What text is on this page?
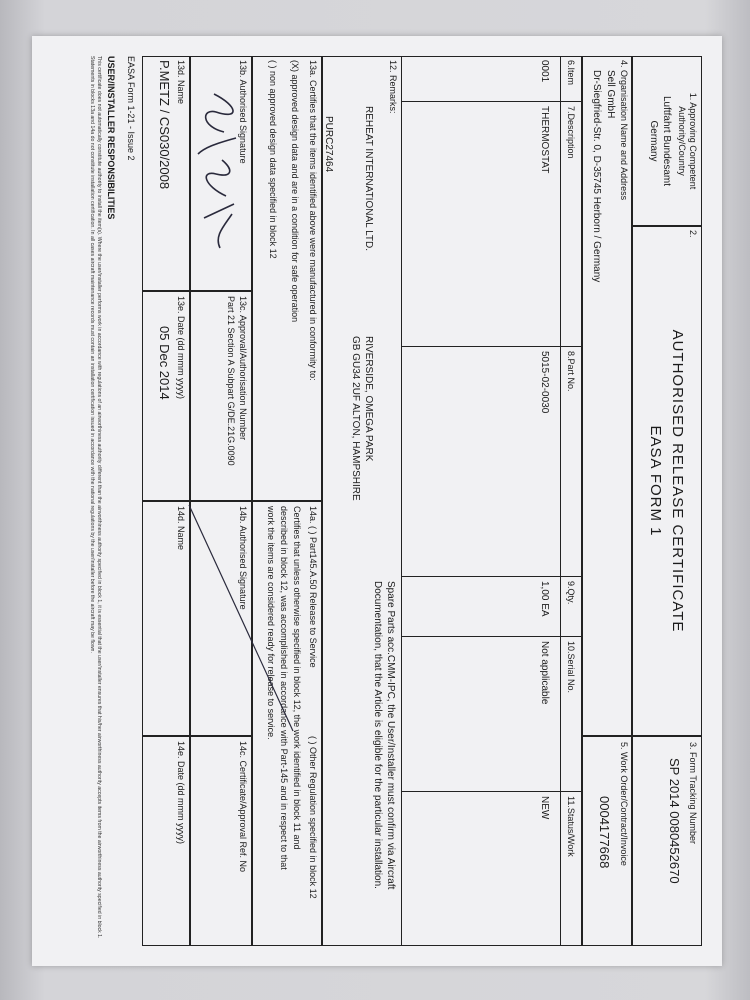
1. Approving Competent
Authority/Country
Luftfahrt Bundesamt
Germany
2.
AUTHORISED RELEASE CERTIFICATE
EASA FORM 1
3. Form Tracking Number
SP 2014 0080452670
4. Organisation Name and Address
Sell GmbH
Dr-Siegfried-Str. 0, D-35745 Herborn / Germany
5. Work Order/Contract/Invoice
0004177668
6.Item
7.Description
8.Part No.
9.Qty.
10.Serial No.
11.Status/Work
0001
THERMOSTAT
5015-02-0030
1,00 EA
Not applicable
NEW
12. Remarks:
Spare Parts acc.CMM-IPC, the User/Installer must confirm via Aircraft
Documentation, that the Article is eligible for the particular installation.
REHEAT INTERNATIONAL LTD.
RIVERSIDE, OMEGA PARK
GB GU34 2UF ALTON, HAMPSHIRE
PURC27464
13a. Certifies that the items identified above were manufactured in conformity to:
(X) approved design data and are in a condition for safe operation
( ) non approved design data specified in block 12
14a. ( ) Part145.A.50 Release to Service
( ) Other Regulation specified in block 12
Certifies that unless otherwise specified in block 12, the work identified in block 11 and
described in block 12, was accomplished in accordance with Part-145 and in respect to that
work the items are considered ready for release to service.
13b. Authorised Signature
13c. Approval/Authorisation Number
Part 21 Section A Subpart G/DE.21G.0090
14b. Authorised Signature
14c. Certificate/Approval Ref. No
13d. Name
P.METZ / CS030/2008
13e. Date (dd mmm yyyy)
05 Dec 2014
14d. Name
14e. Date (dd mmm yyyy)
EASA Form 1-21 - Issue 2
USER/INSTALLER RESPONSIBILITIES
This certificate does not automatically constitute authority to install the item(s). Where the user/installer performs work in accordance with regulations of an airworthiness authority different than the airworthiness authority specified in block 1, it is essential that the user/installer ensures that his/her airworthiness authority accepts items from the airworthiness authority specified in block 1. Statements in blocks 13a and 14a do not constitute installation certification. In all cases aircraft maintenance records must contain an installation certification issued in accordance with the national regulations by the user/installer before the aircraft may be flown.
